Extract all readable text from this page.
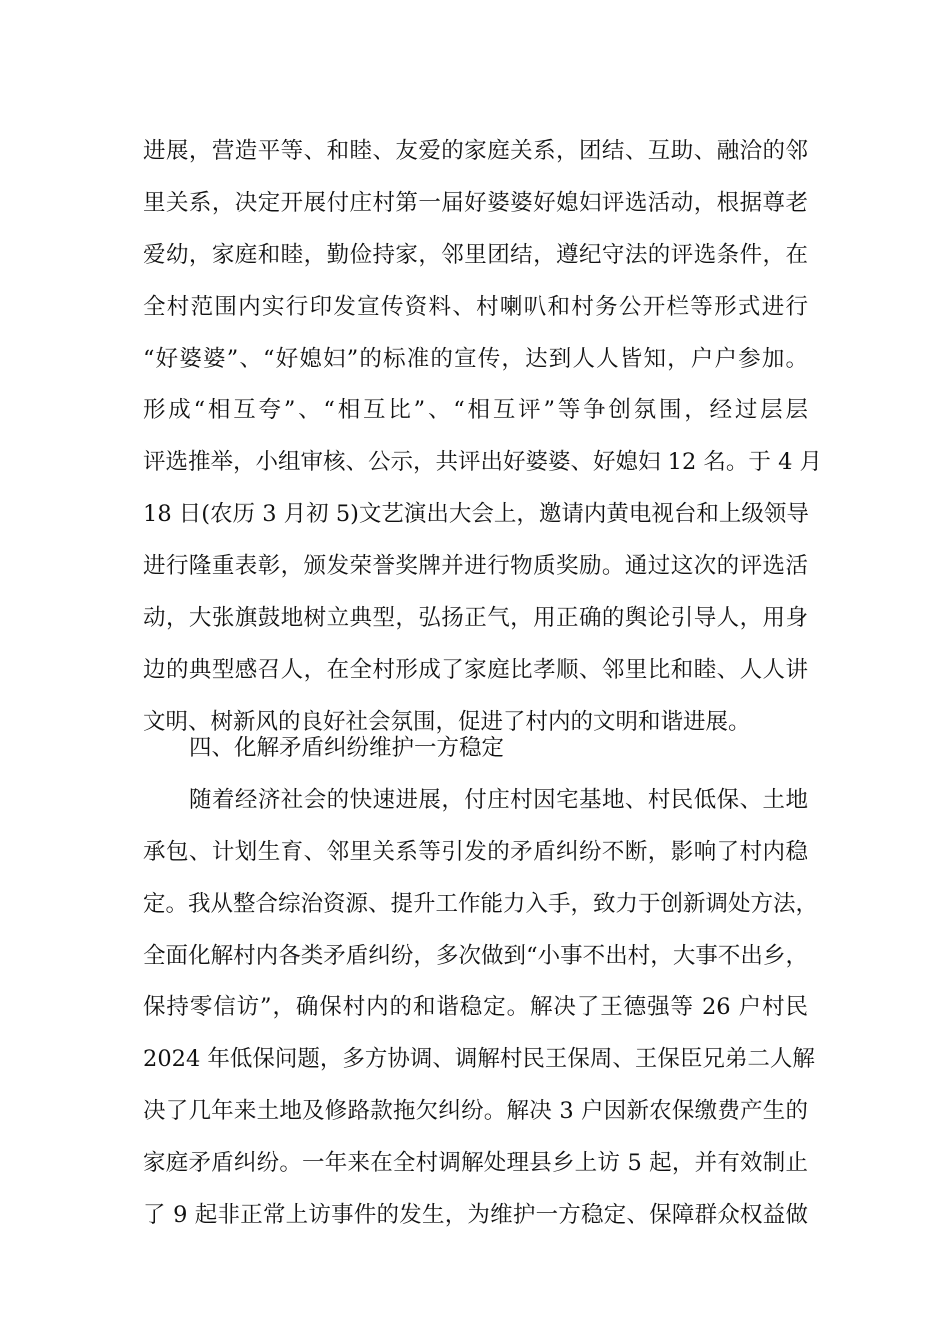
进展，营造平等、和睦、友爱的家庭关系，团结、互助、融洽的邻
里关系，决定开展付庄村第一届好婆婆好媳妇评选活动，根据尊老
爱幼，家庭和睦，勤俭持家，邻里团结，遵纪守法的评选条件，在
全村范围内实行印发宣传资料、村喇叭和村务公开栏等形式进行
“好婆婆”、“好媳妇”的标准的宣传，达到人人皆知，户户参加。
形成“相互夸”、“相互比”、“相互评”等争创氛围，经过层层
评选推举，小组审核、公示，共评出好婆婆、好媳妇 12 名。于 4 月
18 日(农历 3 月初 5)文艺演出大会上，邀请内黄电视台和上级领导
进行隆重表彰，颁发荣誉奖牌并进行物质奖励。通过这次的评选活
动，大张旗鼓地树立典型，弘扬正气，用正确的舆论引导人，用身
边的典型感召人，在全村形成了家庭比孝顺、邻里比和睦、人人讲
文明、树新风的良好社会氛围，促进了村内的文明和谐进展。
四、化解矛盾纠纷维护一方稳定
随着经济社会的快速进展，付庄村因宅基地、村民低保、土地
承包、计划生育、邻里关系等引发的矛盾纠纷不断，影响了村内稳
定。我从整合综治资源、提升工作能力入手，致力于创新调处方法，
全面化解村内各类矛盾纠纷，多次做到“小事不出村，大事不出乡，
保持零信访”，确保村内的和谐稳定。解决了王德强等 26 户村民
2024 年低保问题，多方协调、调解村民王保周、王保臣兄弟二人解
决了几年来土地及修路款拖欠纠纷。解决 3 户因新农保缴费产生的
家庭矛盾纠纷。一年来在全村调解处理县乡上访 5 起，并有效制止
了 9 起非正常上访事件的发生，为维护一方稳定、保障群众权益做
